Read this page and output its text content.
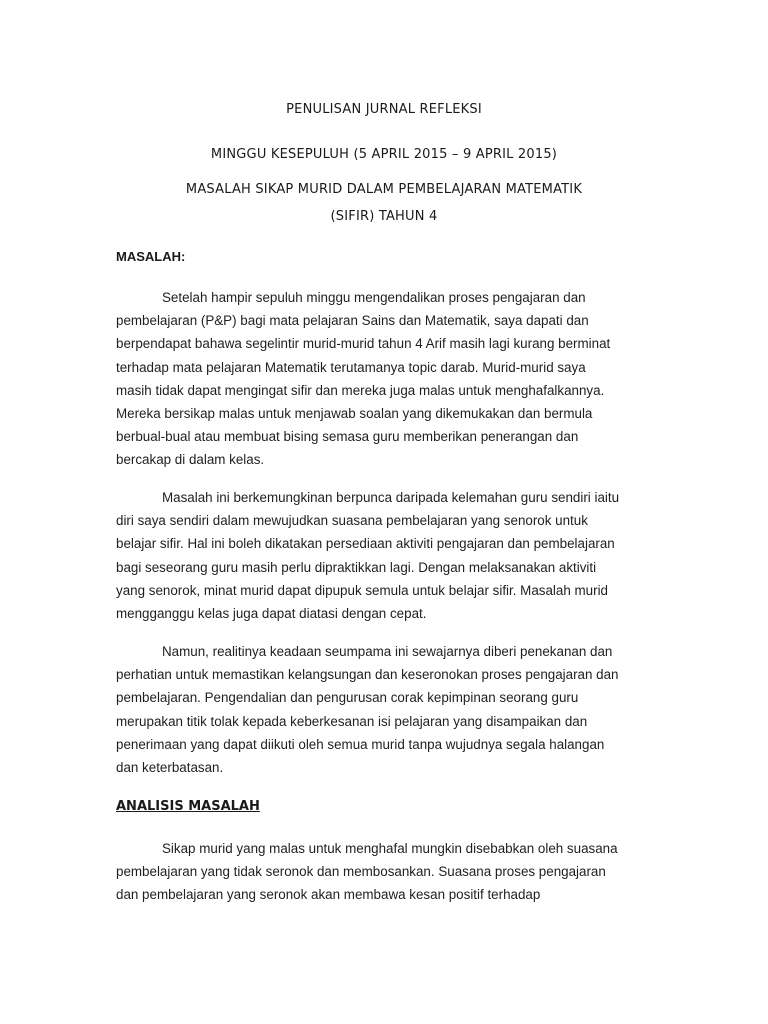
PENULISAN JURNAL REFLEKSI
MINGGU KESEPULUH (5 APRIL 2015 – 9 APRIL 2015)
MASALAH SIKAP MURID DALAM PEMBELAJARAN MATEMATIK
(SIFIR) TAHUN 4
MASALAH:
Setelah hampir sepuluh minggu mengendalikan proses pengajaran dan
pembelajaran (P&P) bagi mata pelajaran Sains dan Matematik, saya dapati dan
berpendapat bahawa segelintir murid-murid tahun 4 Arif masih lagi kurang berminat
terhadap mata pelajaran Matematik terutamanya topic darab. Murid-murid saya
masih tidak dapat mengingat sifir dan mereka juga malas untuk menghafalkannya.
Mereka bersikap malas untuk menjawab soalan yang dikemukakan dan bermula
berbual-bual atau membuat bising semasa guru memberikan penerangan dan
bercakap di dalam kelas.
Masalah ini berkemungkinan berpunca daripada kelemahan guru sendiri iaitu
diri saya sendiri dalam mewujudkan suasana pembelajaran yang senorok untuk
belajar sifir. Hal ini boleh dikatakan persediaan aktiviti pengajaran dan pembelajaran
bagi seseorang guru masih perlu dipraktikkan lagi. Dengan melaksanakan aktiviti
yang senorok, minat murid dapat dipupuk semula untuk belajar sifir. Masalah murid
mengganggu kelas juga dapat diatasi dengan cepat.
Namun, realitinya keadaan seumpama ini sewajarnya diberi penekanan dan
perhatian untuk memastikan kelangsungan dan keseronokan proses pengajaran dan
pembelajaran. Pengendalian dan pengurusan corak kepimpinan seorang guru
merupakan titik tolak kepada keberkesanan isi pelajaran yang disampaikan dan
penerimaan yang dapat diikuti oleh semua murid tanpa wujudnya segala halangan
dan keterbatasan.
ANALISIS MASALAH
Sikap murid yang malas untuk menghafal mungkin disebabkan oleh suasana
pembelajaran yang tidak seronok dan membosankan. Suasana proses pengajaran
dan pembelajaran yang seronok akan membawa kesan positif terhadap
